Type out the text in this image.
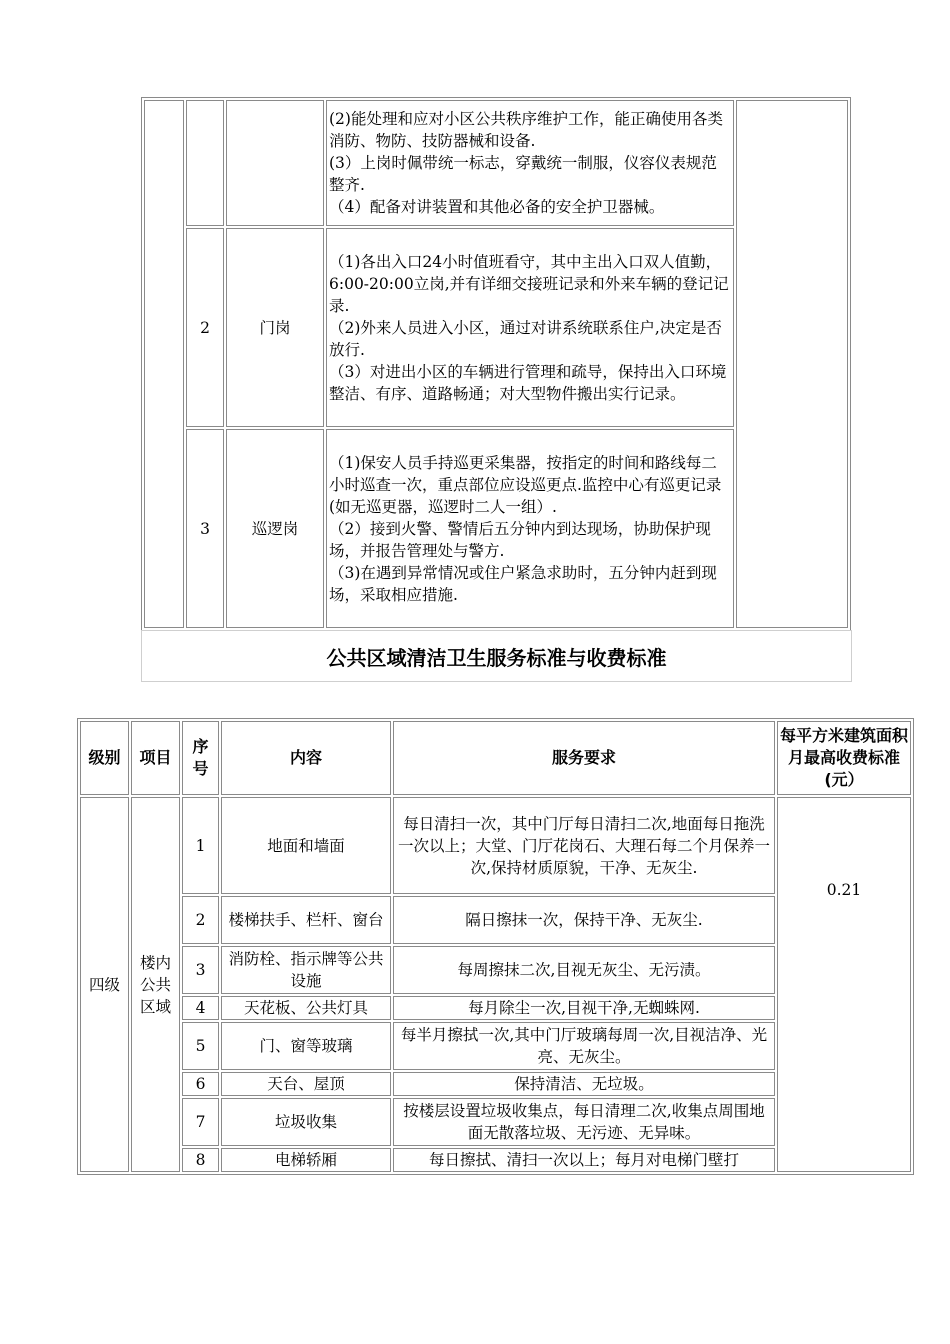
			(2)能处理和应对小区公共秩序维护工作，能正确使用各类消防、物防、技防器械和设备.
(3）上岗时佩带统一标志，穿戴统一制服，仪容仪表规范整齐.
（4）配备对讲装置和其他必备的安全护卫器械。	

	2	门岗	（1)各出入口24小时值班看守，其中主出入口双人值勤，6:00-20:00立岗,并有详细交接班记录和外来车辆的登记记录.
（2)外来人员进入小区，通过对讲系统联系住户,决定是否放行.
（3）对进出小区的车辆进行管理和疏导，保持出入口环境整洁、有序、道路畅通；对大型物件搬出实行记录。	

	3	巡逻岗	（1)保安人员手持巡更采集器，按指定的时间和路线每二小时巡查一次，重点部位应设巡更点.监控中心有巡更记录(如无巡更器，巡逻时二人一组）.
（2）接到火警、警情后五分钟内到达现场，协助保护现场，并报告管理处与警方.
（3)在遇到异常情况或住户紧急求助时，五分钟内赶到现场，采取相应措施.	
公共区域清洁卫生服务标准与收费标准
级别	项目	序号	内容	服务要求	每平方米建筑面积月最高收费标准(元）
四级	楼内公共区域	1	地面和墙面	每日清扫一次，其中门厅每日清扫二次,地面每日拖洗一次以上；大堂、门厅花岗石、大理石每二个月保养一次,保持材质原貌，干净、无灰尘.	0.21
		2	楼梯扶手、栏杆、窗台	隔日擦抹一次，保持干净、无灰尘.	
		3	消防栓、指示牌等公共设施	每周擦抹二次,目视无灰尘、无污渍。	
		4	天花板、公共灯具	每月除尘一次,目视干净,无蜘蛛网.	
		5	门、窗等玻璃	每半月擦拭一次,其中门厅玻璃每周一次,目视洁净、光亮、无灰尘。	
		6	天台、屋顶	保持清洁、无垃圾。	
		7	垃圾收集	按楼层设置垃圾收集点，每日清理二次,收集点周围地面无散落垃圾、无污迹、无异味。	
		8	电梯轿厢	每日擦拭、清扫一次以上；每月对电梯门壁打	
